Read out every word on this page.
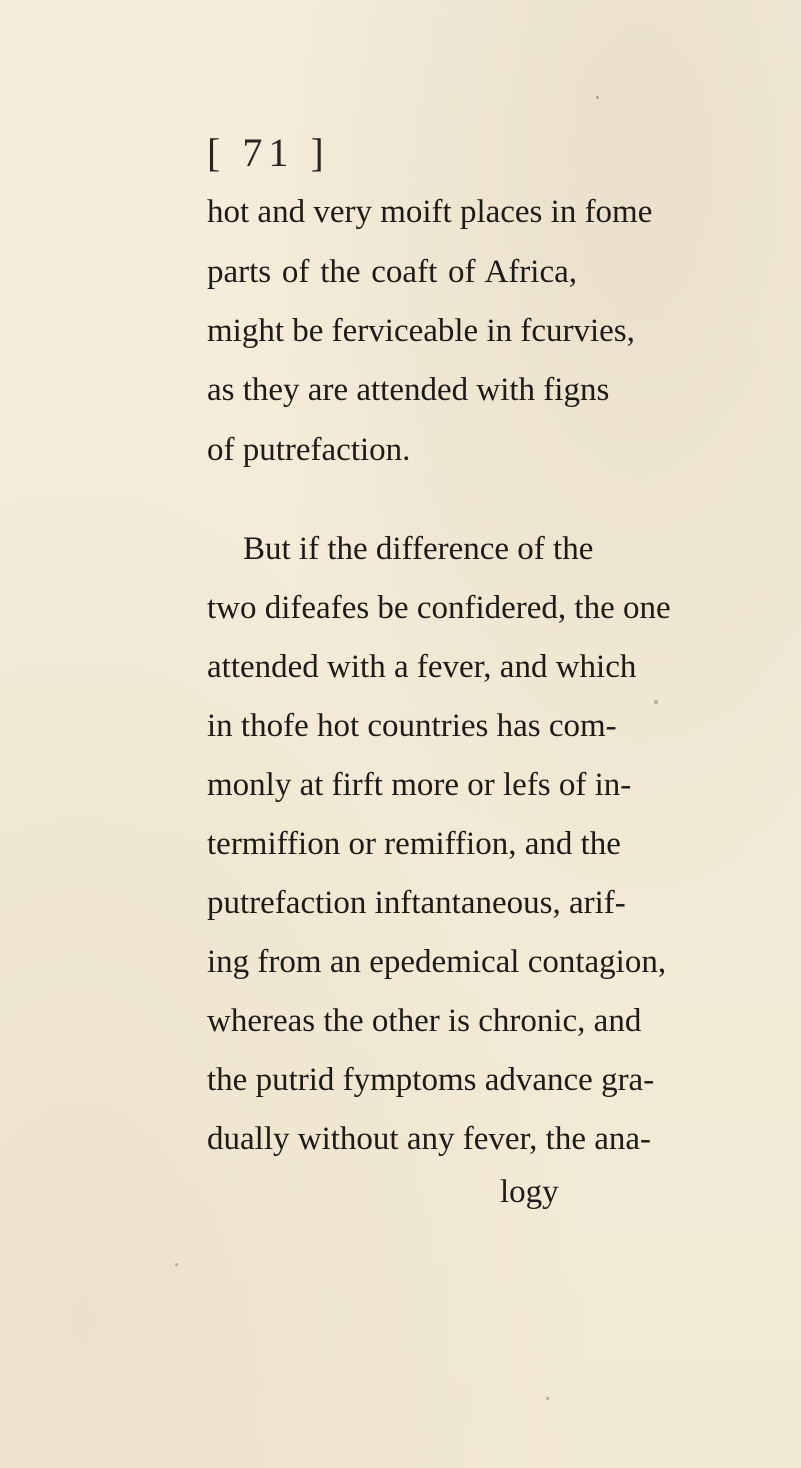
[ 71 ]
hot and very moift places in fome
parts of the coaft of Africa,
might be ferviceable in fcurvies,
as they are attended with figns
of putrefaction.
But if the difference of the
two difeafes be confidered, the one
attended with a fever, and which
in thofe hot countries has com-
monly at firft more or lefs of in-
termiffion or remiffion, and the
putrefaction inftantaneous, arif-
ing from an epedemical contagion,
whereas the other is chronic, and
the putrid fymptoms advance gra-
dually without any fever, the ana-
logy
